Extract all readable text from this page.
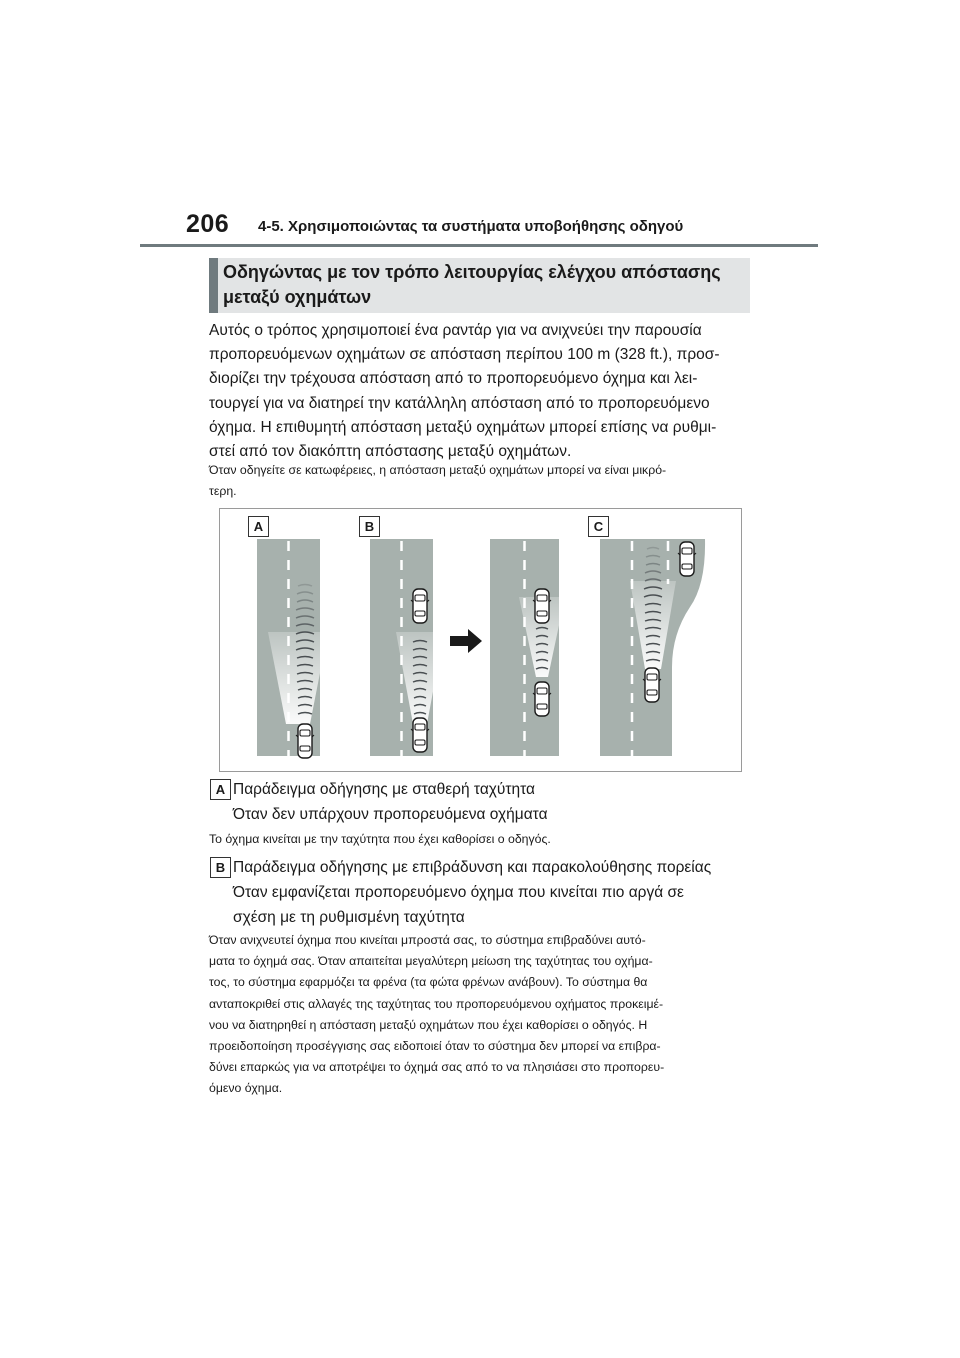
206 4-5. Χρησιμοποιώντας τα συστήματα υποβοήθησης οδηγού
Οδηγώντας με τον τρόπο λειτουργίας ελέγχου απόστασης
μεταξύ οχημάτων
Αυτός ο τρόπος χρησιμοποιεί ένα ραντάρ για να ανιχνεύει την παρουσία
προπορευόμενων οχημάτων σε απόσταση περίπου 100 m (328 ft.), προσ-
διορίζει την τρέχουσα απόσταση από το προπορευόμενο όχημα και λει-
τουργεί για να διατηρεί την κατάλληλη απόσταση από το προπορευόμενο
όχημα. Η επιθυμητή απόσταση μεταξύ οχημάτων μπορεί επίσης να ρυθμι-
στεί από τον διακόπτη απόστασης μεταξύ οχημάτων.
Όταν οδηγείτε σε κατωφέρειες, η απόσταση μεταξύ οχημάτων μπορεί να είναι μικρό-
τερη.
A	B	C
A Παράδειγμα οδήγησης με σταθερή ταχύτητα
Όταν δεν υπάρχουν προπορευόμενα οχήματα
Το όχημα κινείται με την ταχύτητα που έχει καθορίσει ο οδηγός.
B Παράδειγμα οδήγησης με επιβράδυνση και παρακολούθησης πορείας
Όταν εμφανίζεται προπορευόμενο όχημα που κινείται πιο αργά σε
σχέση με τη ρυθμισμένη ταχύτητα
Όταν ανιχνευτεί όχημα που κινείται μπροστά σας, το σύστημα επιβραδύνει αυτό-
ματα το όχημά σας. Όταν απαιτείται μεγαλύτερη μείωση της ταχύτητας του οχήμα-
τος, το σύστημα εφαρμόζει τα φρένα (τα φώτα φρένων ανάβουν). Το σύστημα θα
ανταποκριθεί στις αλλαγές της ταχύτητας του προπορευόμενου οχήματος προκειμέ-
νου να διατηρηθεί η απόσταση μεταξύ οχημάτων που έχει καθορίσει ο οδηγός. Η
προειδοποίηση προσέγγισης σας ειδοποιεί όταν το σύστημα δεν μπορεί να επιβρα-
δύνει επαρκώς για να αποτρέψει το όχημά σας από το να πλησιάσει στο προπορευ-
όμενο όχημα.
